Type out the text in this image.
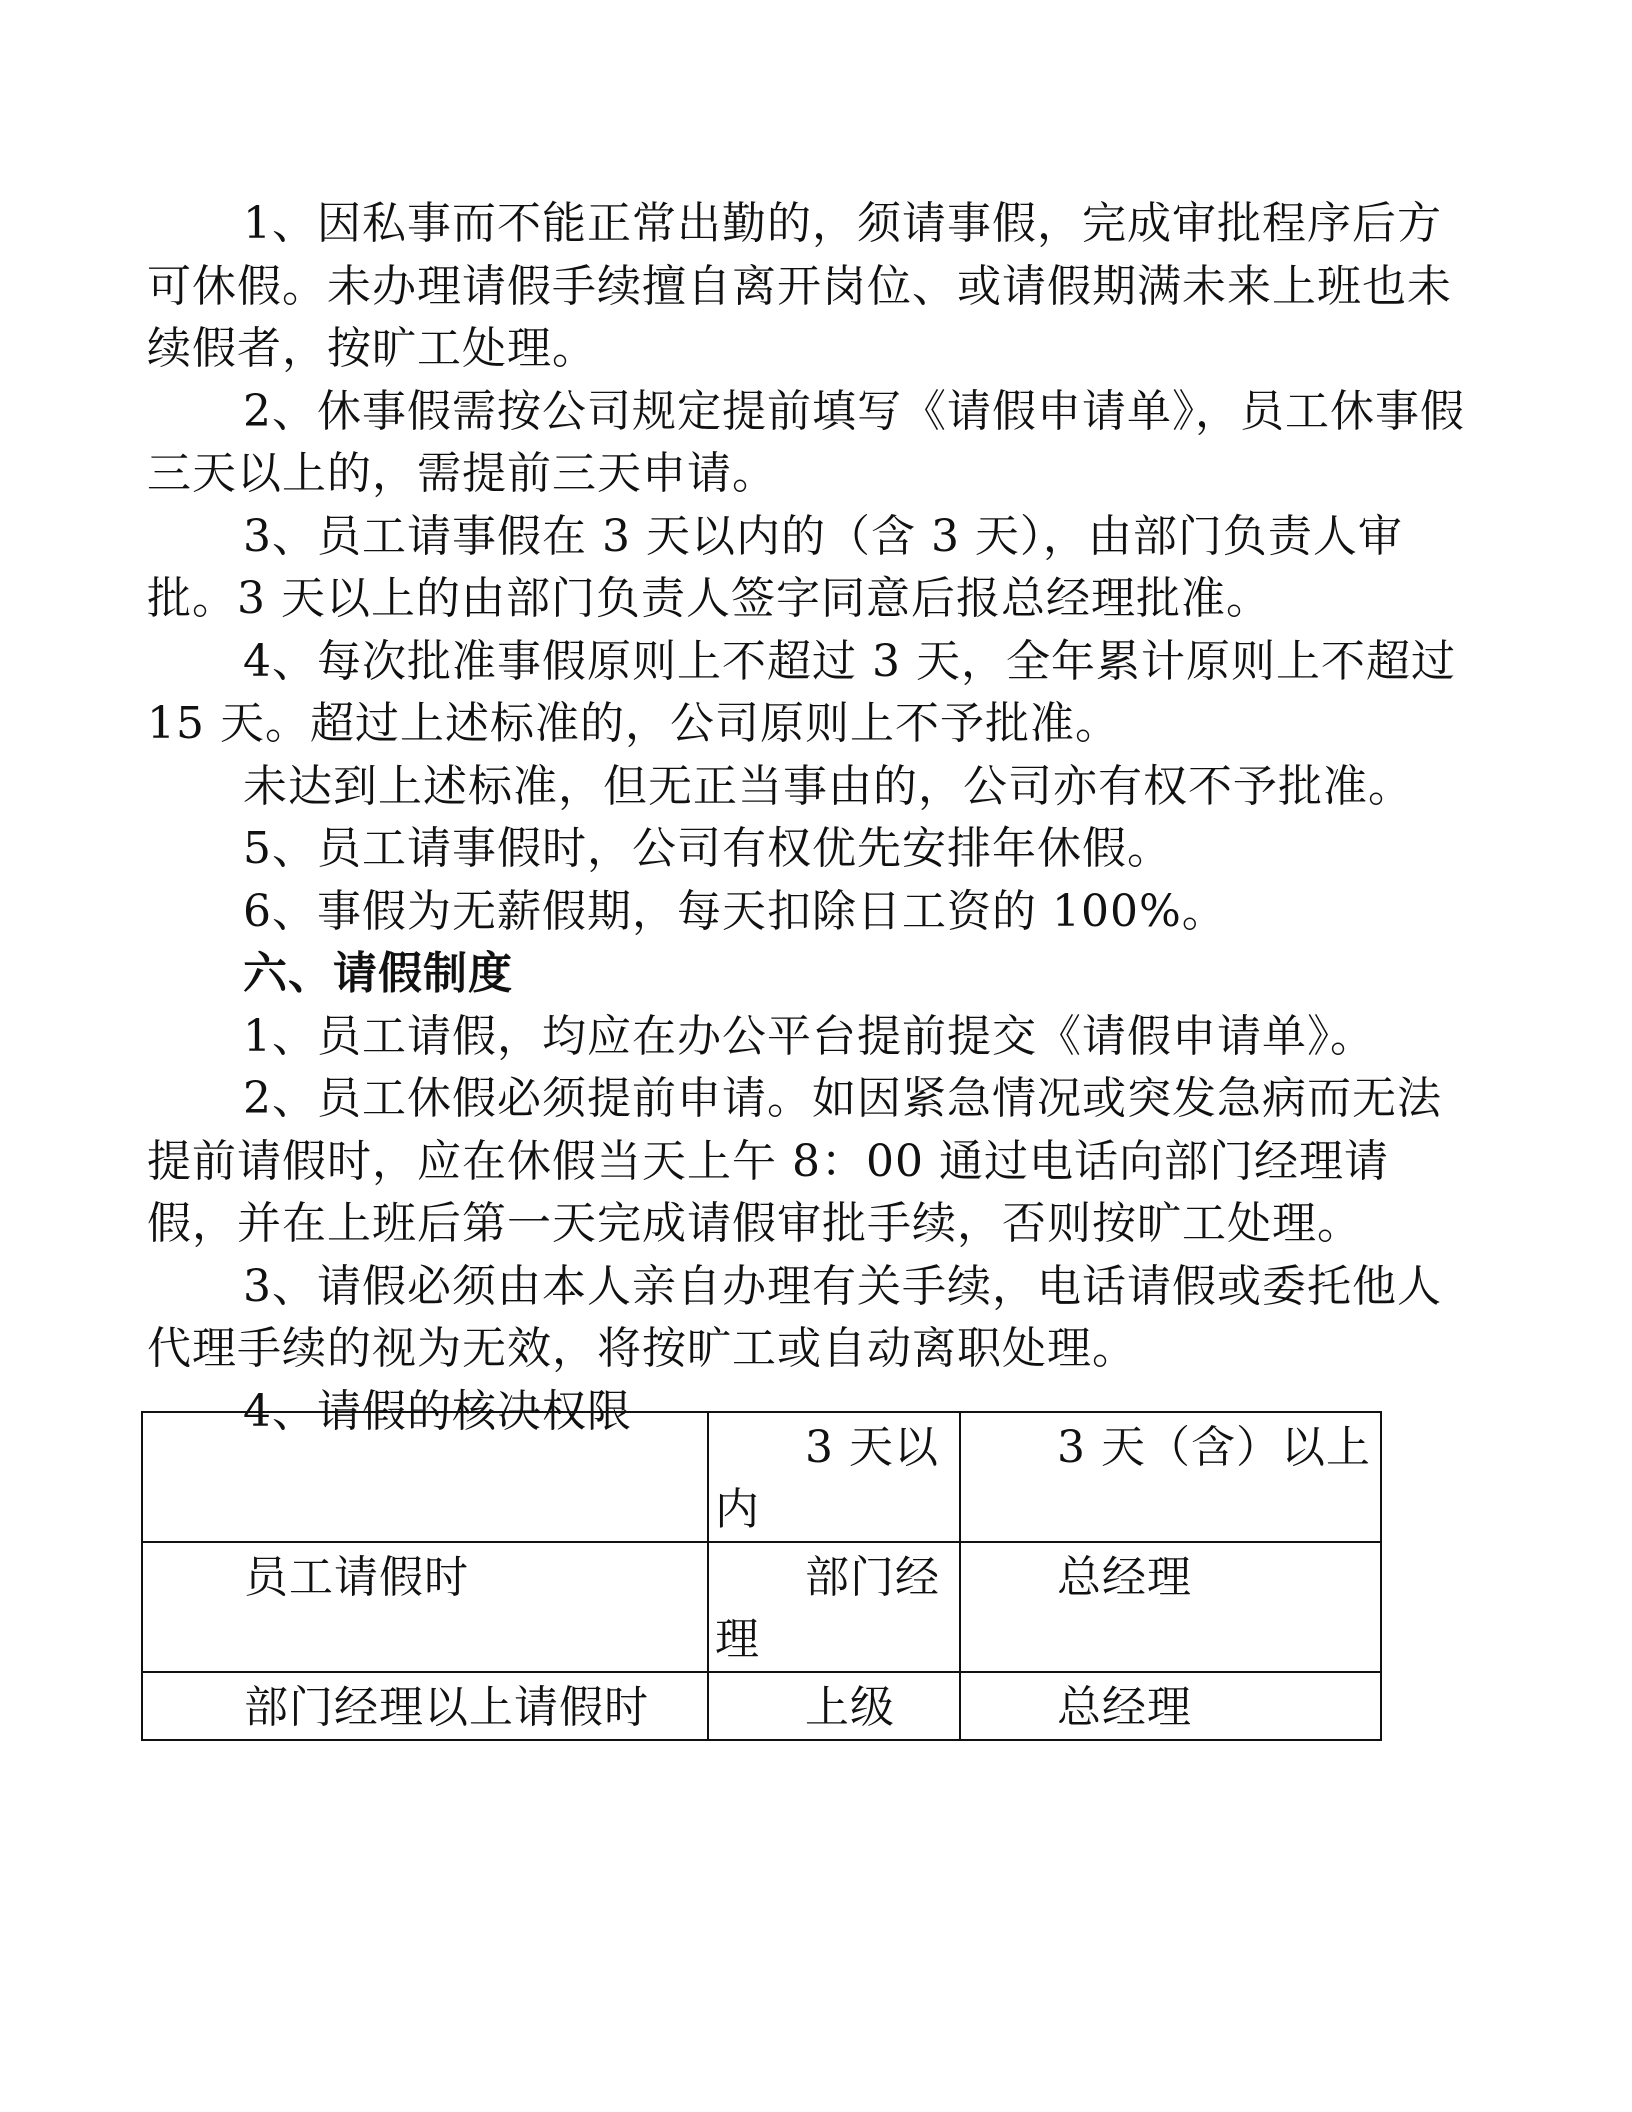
1、因私事而不能正常出勤的，须请事假，完成审批程序后方可休假。未办理请假手续擅自离开岗位、或请假期满未来上班也未续假者，按旷工处理。

2、休事假需按公司规定提前填写《请假申请单》，员工休事假三天以上的，需提前三天申请。

3、员工请事假在 3 天以内的（含 3 天），由部门负责人审批。3 天以上的由部门负责人签字同意后报总经理批准。

4、每次批准事假原则上不超过 3 天，全年累计原则上不超过 15 天。超过上述标准的，公司原则上不予批准。

未达到上述标准，但无正当事由的，公司亦有权不予批准。

5、员工请事假时，公司有权优先安排年休假。

6、事假为无薪假期，每天扣除日工资的 100%。

六、请假制度

1、员工请假，均应在办公平台提前提交《请假申请单》。

2、员工休假必须提前申请。如因紧急情况或突发急病而无法提前请假时，应在休假当天上午 8：00 通过电话向部门经理请假，并在上班后第一天完成请假审批手续，否则按旷工处理。

3、请假必须由本人亲自办理有关手续，电话请假或委托他人代理手续的视为无效，将按旷工或自动离职处理。

4、请假的核决权限

	3 天以内	3 天（含）以上
员工请假时	部门经理	总经理
部门经理以上请假时	上级	总经理
